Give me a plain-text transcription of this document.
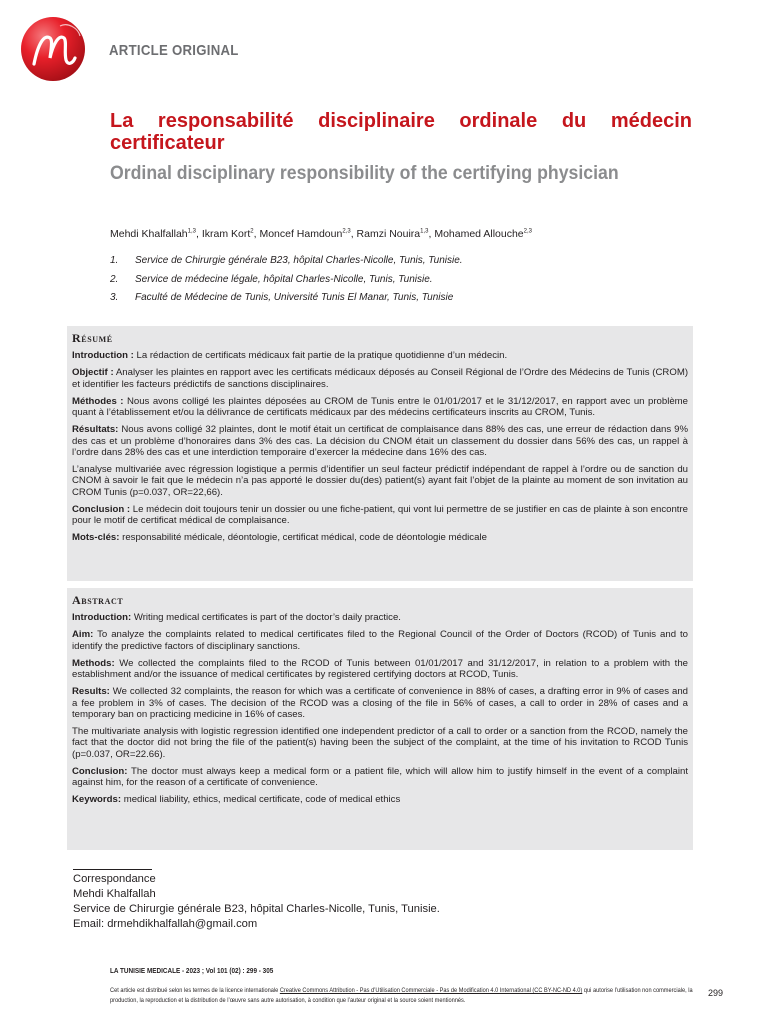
ARTICLE ORIGINAL
La responsabilité disciplinaire ordinale du médecin certificateur
Ordinal disciplinary responsibility of the certifying physician
Mehdi Khalfallah$^{1,3}$, Ikram Kort$^2$, Moncef Hamdoun$^{2,3}$, Ramzi Nouira$^{1,3}$, Mohamed Allouche$^{2,3}$
1.	Service de Chirurgie générale B23, hôpital Charles-Nicolle, Tunis, Tunisie.
2.	Service de médecine légale, hôpital Charles-Nicolle, Tunis, Tunisie.
3.	Faculté de Médecine de Tunis, Université Tunis El Manar, Tunis, Tunisie
Résumé
Introduction : La rédaction de certificats médicaux fait partie de la pratique quotidienne d’un médecin.
Objectif : Analyser les plaintes en rapport avec les certificats médicaux déposés au Conseil Régional de l’Ordre des Médecins de Tunis (CROM) et identifier les facteurs prédictifs de sanctions disciplinaires.
Méthodes : Nous avons colligé les plaintes déposées au CROM de Tunis entre le 01/01/2017 et le 31/12/2017, en rapport avec un problème quant à l’établissement et/ou la délivrance de certificats médicaux par des médecins certificateurs inscrits au CROM, Tunis.
Résultats: Nous avons colligé 32 plaintes, dont le motif était un certificat de complaisance dans 88% des cas, une erreur de rédaction dans 9% des cas et un problème d’honoraires dans 3% des cas. La décision du CNOM était un classement du dossier dans 56% des cas, un rappel à l’ordre dans 28% des cas et une interdiction temporaire d’exercer la médecine dans 16% des cas.
L’analyse multivariée avec régression logistique a permis d’identifier un seul facteur prédictif indépendant de rappel à l’ordre ou de sanction du CNOM à savoir le fait que le médecin n’a pas apporté le dossier du(des) patient(s) ayant fait l’objet de la plainte au moment de son invitation au CROM Tunis (p=0.037, OR=22,66).
Conclusion : Le médecin doit toujours tenir un dossier ou une fiche-patient, qui vont lui permettre de se justifier en cas de plainte à son encontre pour le motif de certificat médical de complaisance.
Mots-clés: responsabilité médicale, déontologie, certificat médical, code de déontologie médicale
Abstract
Introduction: Writing medical certificates is part of the doctor’s daily practice.
Aim: To analyze the complaints related to medical certificates filed to the Regional Council of the Order of Doctors (RCOD) of Tunis and to identify the predictive factors of disciplinary sanctions.
Methods: We collected the complaints filed to the RCOD of Tunis between 01/01/2017 and 31/12/2017, in relation to a problem with the establishment and/or the issuance of medical certificates by registered certifying doctors at RCOD, Tunis.
Results: We collected 32 complaints, the reason for which was a certificate of convenience in 88% of cases, a drafting error in 9% of cases and a fee problem in 3% of cases. The decision of the RCOD was a closing of the file in 56% of cases, a call to order in 28% of cases and a temporary ban on practicing medicine in 16% of cases.
The multivariate analysis with logistic regression identified one independent predictor of a call to order or a sanction from the RCOD, namely the fact that the doctor did not bring the file of the patient(s) having been the subject of the complaint, at the time of his invitation to RCOD Tunis (p=0.037, OR=22.66).
Conclusion: The doctor must always keep a medical form or a patient file, which will allow him to justify himself in the event of a complaint against him, for the reason of a certificate of convenience.
Keywords: medical liability, ethics, medical certificate, code of medical ethics
Correspondance
Mehdi Khalfallah
Service de Chirurgie générale B23, hôpital Charles-Nicolle, Tunis, Tunisie.
Email: drmehdikhalfallah@gmail.com
LA TUNISIE MEDICALE - 2023 ; Vol 101 (02) : 299 - 305
Cet article est distribué selon les termes de la licence internationale Creative Commons Attribution - Pas d’Utilisation Commerciale - Pas de Modification 4.0 International (CC BY-NC-ND 4.0) qui autorise l’utilisation non commerciale, la production, la reproduction et la distribution de l’œuvre sans autre autorisation, à condition que l’auteur original et la source soient mentionnés.
299
